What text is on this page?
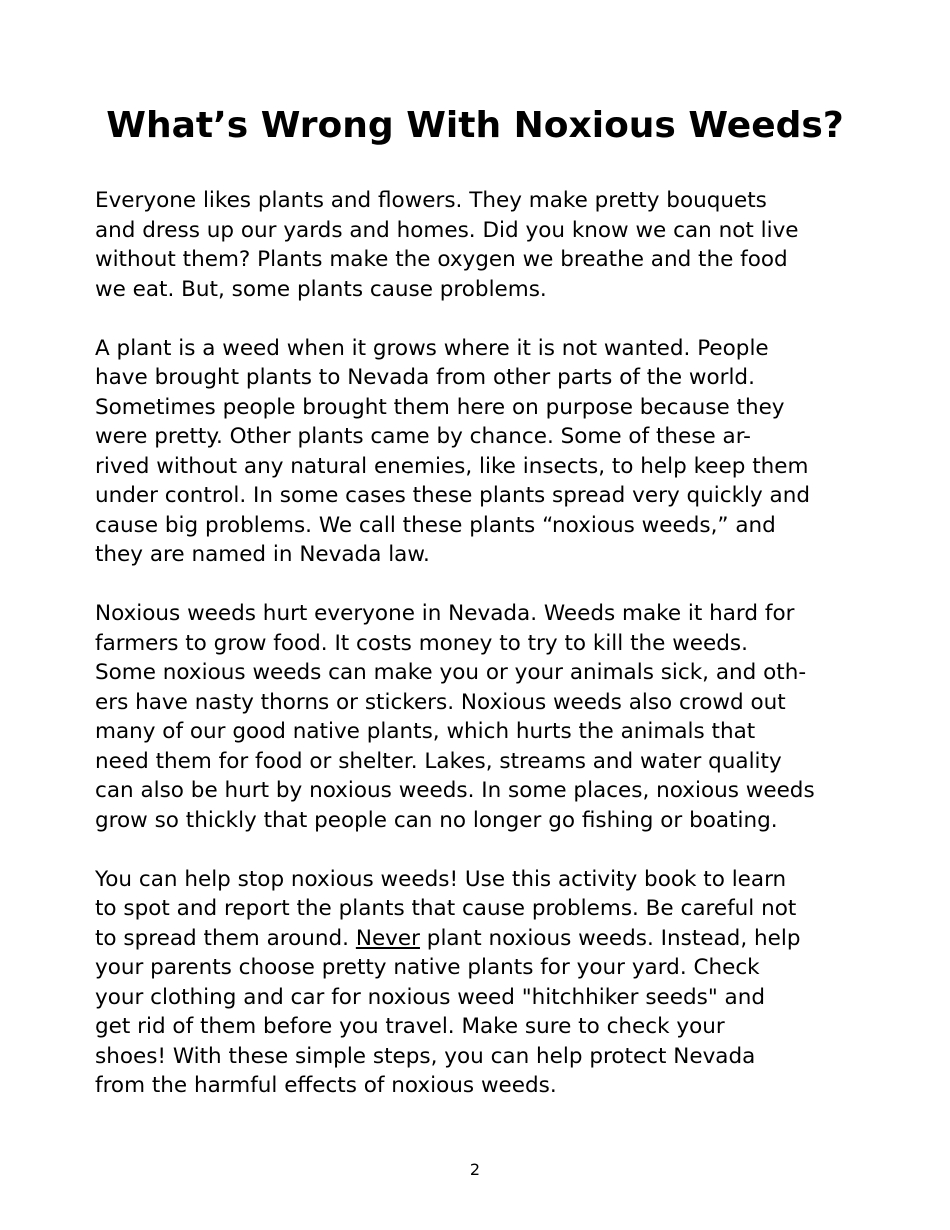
What’s Wrong With Noxious Weeds?

Everyone likes plants and flowers. They make pretty bouquets
and dress up our yards and homes. Did you know we can not live
without them? Plants make the oxygen we breathe and the food
we eat. But, some plants cause problems.

A plant is a weed when it grows where it is not wanted. People
have brought plants to Nevada from other parts of the world.
Sometimes people brought them here on purpose because they
were pretty. Other plants came by chance. Some of these ar-
rived without any natural enemies, like insects, to help keep them
under control. In some cases these plants spread very quickly and
cause big problems. We call these plants “noxious weeds,” and
they are named in Nevada law.

Noxious weeds hurt everyone in Nevada. Weeds make it hard for
farmers to grow food. It costs money to try to kill the weeds.
Some noxious weeds can make you or your animals sick, and oth-
ers have nasty thorns or stickers. Noxious weeds also crowd out
many of our good native plants, which hurts the animals that
need them for food or shelter. Lakes, streams and water quality
can also be hurt by noxious weeds. In some places, noxious weeds
grow so thickly that people can no longer go fishing or boating.

You can help stop noxious weeds! Use this activity book to learn
to spot and report the plants that cause problems. Be careful not
to spread them around. Never plant noxious weeds. Instead, help
your parents choose pretty native plants for your yard. Check
your clothing and car for noxious weed "hitchhiker seeds" and
get rid of them before you travel. Make sure to check your
shoes! With these simple steps, you can help protect Nevada
from the harmful effects of noxious weeds.

2
